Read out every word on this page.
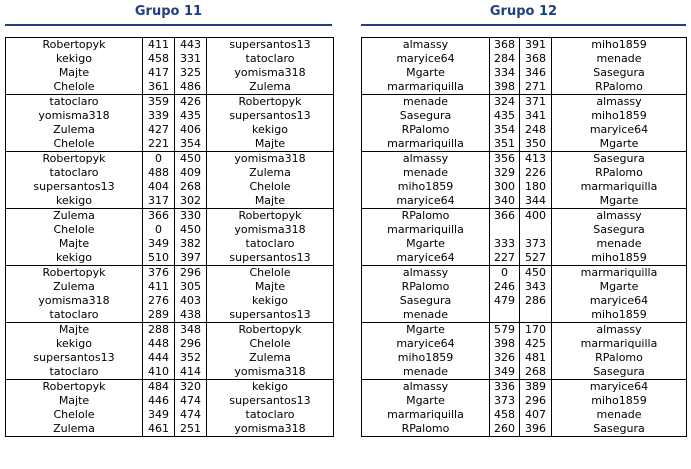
Grupo 11	Grupo 12
Robertopyk	411	443	supersantos13
kekigo	458	331	tatoclaro
Majte	417	325	yomisma318
Chelole	361	486	Zulema
tatoclaro	359	426	Robertopyk
yomisma318	339	435	supersantos13
Zulema	427	406	kekigo
Chelole	221	354	Majte
Robertopyk	0	450	yomisma318
tatoclaro	488	409	Zulema
supersantos13	404	268	Chelole
kekigo	317	302	Majte
Zulema	366	330	Robertopyk
Chelole	0	450	yomisma318
Majte	349	382	tatoclaro
kekigo	510	397	supersantos13
Robertopyk	376	296	Chelole
Zulema	411	305	Majte
yomisma318	276	403	kekigo
tatoclaro	289	438	supersantos13
Majte	288	348	Robertopyk
kekigo	448	296	Chelole
supersantos13	444	352	Zulema
tatoclaro	410	414	yomisma318
Robertopyk	484	320	kekigo
Majte	446	474	supersantos13
Chelole	349	474	tatoclaro
Zulema	461	251	yomisma318
almassy	368	391	miho1859
maryice64	284	368	menade
Mgarte	334	346	Sasegura
marmariquilla	398	271	RPalomo
menade	324	371	almassy
Sasegura	435	341	miho1859
RPalomo	354	248	maryice64
marmariquilla	351	350	Mgarte
almassy	356	413	Sasegura
menade	329	226	RPalomo
miho1859	300	180	marmariquilla
maryice64	340	344	Mgarte
RPalomo	366	400	almassy
marmariquilla			Sasegura
Mgarte	333	373	menade
maryice64	227	527	miho1859
almassy	0	450	marmariquilla
RPalomo	246	343	Mgarte
Sasegura	479	286	maryice64
menade			miho1859
Mgarte	579	170	almassy
maryice64	398	425	marmariquilla
miho1859	326	481	RPalomo
menade	349	268	Sasegura
almassy	336	389	maryice64
Mgarte	373	296	miho1859
marmariquilla	458	407	menade
RPalomo	260	396	Sasegura
